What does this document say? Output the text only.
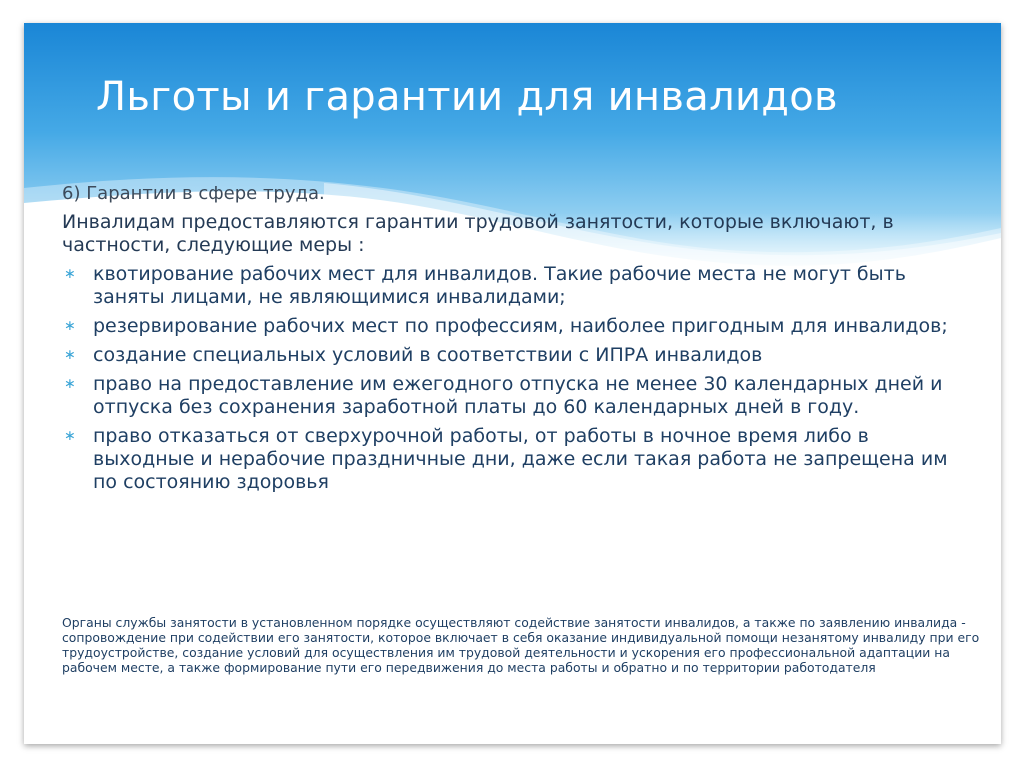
Льготы и гарантии для инвалидов

6) Гарантии в сфере труда.

Инвалидам предоставляются гарантии трудовой занятости, которые включают, в частности, следующие меры :

∗ квотирование рабочих мест для инвалидов. Такие рабочие места не могут быть заняты лицами, не являющимися инвалидами;
∗ резервирование рабочих мест по профессиям, наиболее пригодным для инвалидов;
∗ создание специальных условий в соответствии с ИПРА инвалидов
∗ право на предоставление им ежегодного отпуска не менее 30 календарных дней и отпуска без сохранения заработной платы до 60 календарных дней в году.
∗ право отказаться от сверхурочной работы, от работы в ночное время либо в выходные и нерабочие праздничные дни, даже если такая работа не запрещена им по состоянию здоровья

Органы службы занятости в установленном порядке осуществляют содействие занятости инвалидов, а также по заявлению инвалида - сопровождение при содействии его занятости, которое включает в себя оказание индивидуальной помощи незанятому инвалиду при его трудоустройстве, создание условий для осуществления им трудовой деятельности и ускорения его профессиональной адаптации на рабочем месте, а также формирование пути его передвижения до места работы и обратно и по территории работодателя
